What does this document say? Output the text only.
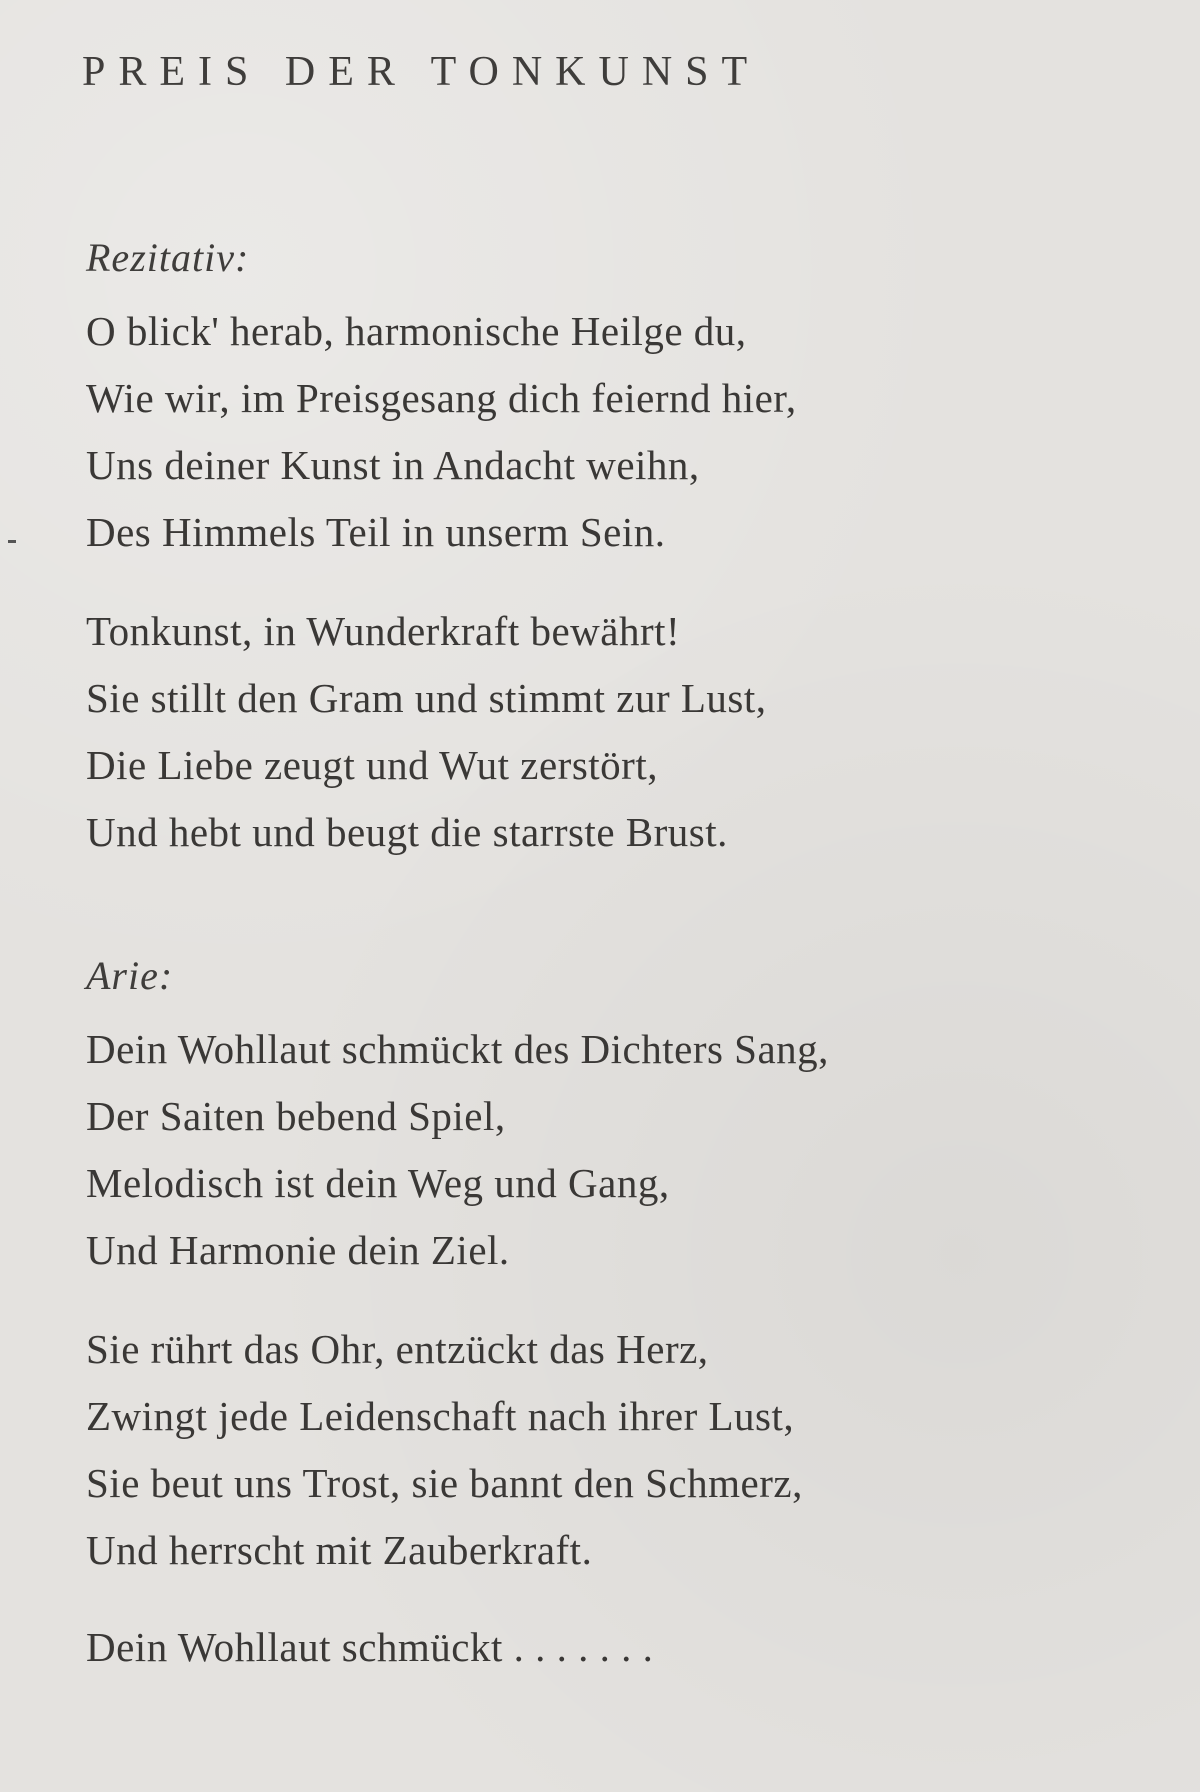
PREIS DER TONKUNST

Rezitativ:

O blick' herab, harmonische Heilge du,
Wie wir, im Preisgesang dich feiernd hier,
Uns deiner Kunst in Andacht weihn,
Des Himmels Teil in unserm Sein.
Tonkunst, in Wunderkraft bewährt!
Sie stillt den Gram und stimmt zur Lust,
Die Liebe zeugt und Wut zerstört,
Und hebt und beugt die starrste Brust.

Arie:

Dein Wohllaut schmückt des Dichters Sang,
Der Saiten bebend Spiel,
Melodisch ist dein Weg und Gang,
Und Harmonie dein Ziel.
Sie rührt das Ohr, entzückt das Herz,
Zwingt jede Leidenschaft nach ihrer Lust,
Sie beut uns Trost, sie bannt den Schmerz,
Und herrscht mit Zauberkraft.
Dein Wohllaut schmückt . . . . . . .
